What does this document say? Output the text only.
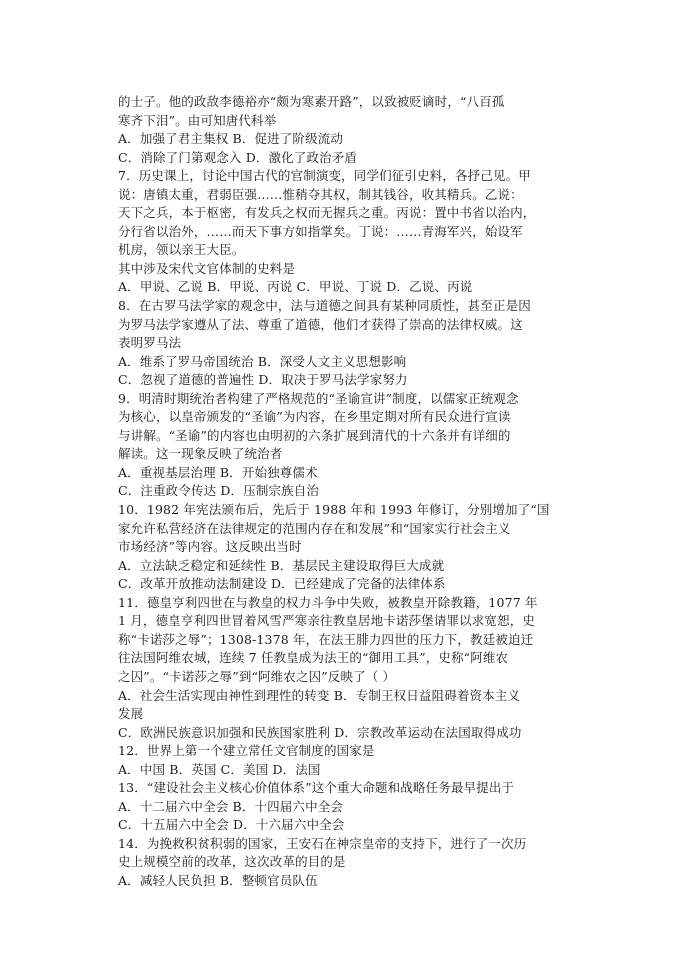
的士子。他的政敌李德裕亦“颇为寒素开路”，以致被贬谪时，“八百孤
寒齐下泪”。由可知唐代科举
A．加强了君主集权 B．促进了阶级流动
C．消除了门第观念入 D．激化了政治矛盾
7．历史课上，讨论中国古代的官制演变，同学们征引史料，各抒己见。甲
说：唐镇太重，君弱臣强……惟稍夺其权，制其钱谷，收其精兵。乙说：
天下之兵，本于枢密，有发兵之权而无握兵之重。丙说：置中书省以治内，
分行省以治外，……而天下事方如指掌矣。丁说：……青海军兴，始设军
机房，领以亲王大臣。
其中涉及宋代文官体制的史料是
A．甲说、乙说 B．甲说、丙说 C．甲说、丁说 D．乙说、丙说
8．在古罗马法学家的观念中，法与道德之间具有某种同质性，甚至正是因
为罗马法学家遵从了法、尊重了道德，他们才获得了崇高的法律权威。这
表明罗马法
A．维系了罗马帝国统治 B．深受人文主义思想影响
C．忽视了道德的普遍性 D．取决于罗马法学家努力
9．明清时期统治者构建了严格规范的“圣谕宣讲”制度，以儒家正统观念
为核心，以皇帝颁发的“圣谕”为内容，在乡里定期对所有民众进行宣读
与讲解。“圣谕”的内容也由明初的六条扩展到清代的十六条并有详细的
解读。这一现象反映了统治者
A．重视基层治理 B．开始独尊儒术
C．注重政令传达 D．压制宗族自治
10．1982 年宪法颁布后，先后于 1988 年和 1993 年修订，分别增加了“国
家允许私营经济在法律规定的范围内存在和发展”和“国家实行社会主义
市场经济”等内容。这反映出当时
A．立法缺乏稳定和延续性 B．基层民主建设取得巨大成就
C．改革开放推动法制建设 D．已经建成了完备的法律体系
11．德皇亨利四世在与教皇的权力斗争中失败，被教皇开除教籍，1077 年
1 月，德皇亨利四世冒着风雪严寒亲往教皇居地卡诺莎堡请罪以求宽恕，史
称“卡诺莎之辱”；1308-1378 年，在法王腓力四世的压力下，教廷被迫迁
往法国阿维农城，连续 7 任教皇成为法王的“御用工具”，史称“阿维农
之囚”。“卡诺莎之辱”到“阿维农之囚”反映了（ ）
A．社会生活实现由神性到理性的转变 B．专制王权日益阻碍着资本主义
发展
C．欧洲民族意识加强和民族国家胜利 D．宗教改革运动在法国取得成功
12．世界上第一个建立常任文官制度的国家是
A．中国 B．英国 C．美国 D．法国
13．“建设社会主义核心价值体系”这个重大命题和战略任务最早提出于
A．十二届六中全会 B．十四届六中全会
C．十五届六中全会 D．十六届六中全会
14．为挽救积贫积弱的国家，王安石在神宗皇帝的支持下，进行了一次历
史上规模空前的改革，这次改革的目的是
A．减轻人民负担 B．整顿官员队伍
